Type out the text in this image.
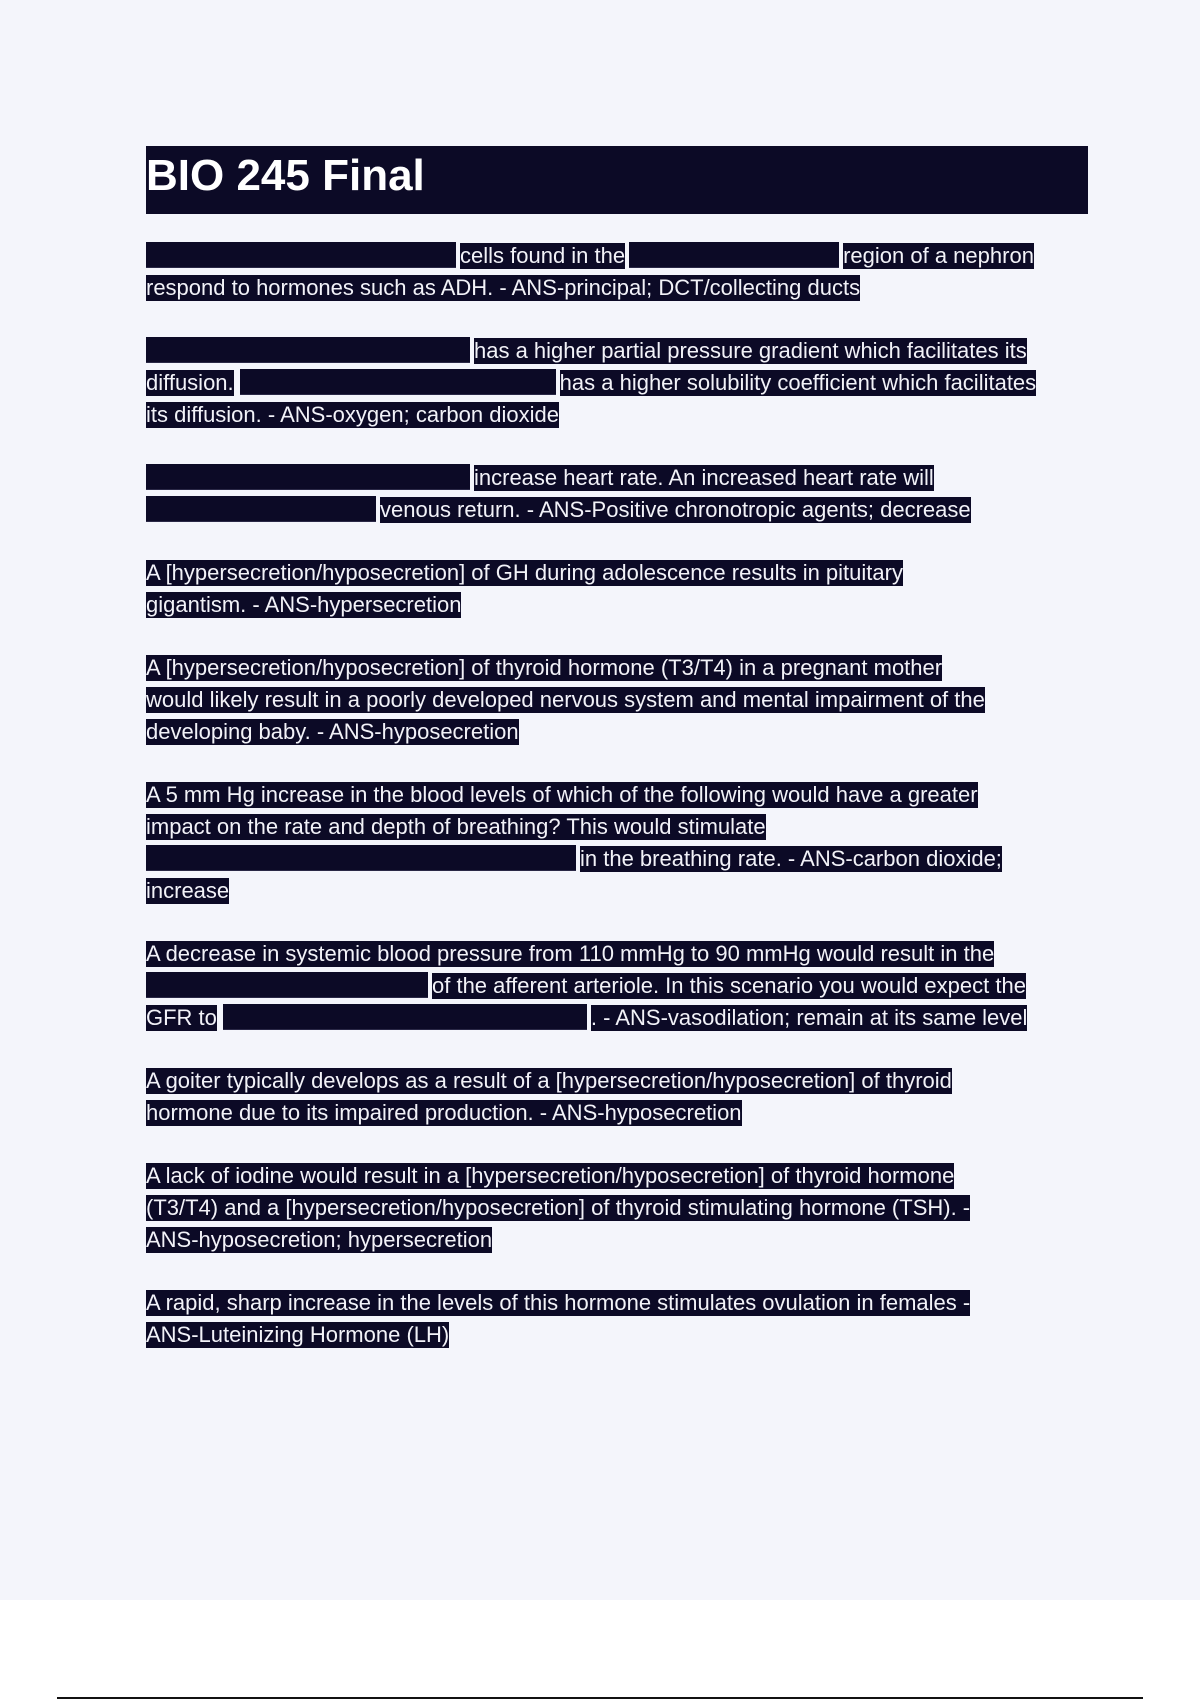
BIO 245 Final
cells found in the	region of a nephron
respond to hormones such as ADH. - ANS-principal; DCT/collecting ducts
has a higher partial pressure gradient which facilitates its
diffusion.	has a higher solubility coefficient which facilitates
its diffusion. - ANS-oxygen; carbon dioxide
increase heart rate. An increased heart rate will
venous return. - ANS-Positive chronotropic agents; decrease
A [hypersecretion/hyposecretion] of GH during adolescence results in pituitary
gigantism. - ANS-hypersecretion
A [hypersecretion/hyposecretion] of thyroid hormone (T3/T4) in a pregnant mother
would likely result in a poorly developed nervous system and mental impairment of the
developing baby. - ANS-hyposecretion
A 5 mm Hg increase in the blood levels of which of the following would have a greater
impact on the rate and depth of breathing? This would stimulate
in the breathing rate. - ANS-carbon dioxide;
increase
A decrease in systemic blood pressure from 110 mmHg to 90 mmHg would result in the
of the afferent arteriole. In this scenario you would expect the
GFR to	. - ANS-vasodilation; remain at its same level
A goiter typically develops as a result of a [hypersecretion/hyposecretion] of thyroid
hormone due to its impaired production. - ANS-hyposecretion
A lack of iodine would result in a [hypersecretion/hyposecretion] of thyroid hormone
(T3/T4) and a [hypersecretion/hyposecretion] of thyroid stimulating hormone (TSH). -
ANS-hyposecretion; hypersecretion
A rapid, sharp increase in the levels of this hormone stimulates ovulation in females -
ANS-Luteinizing Hormone (LH)
